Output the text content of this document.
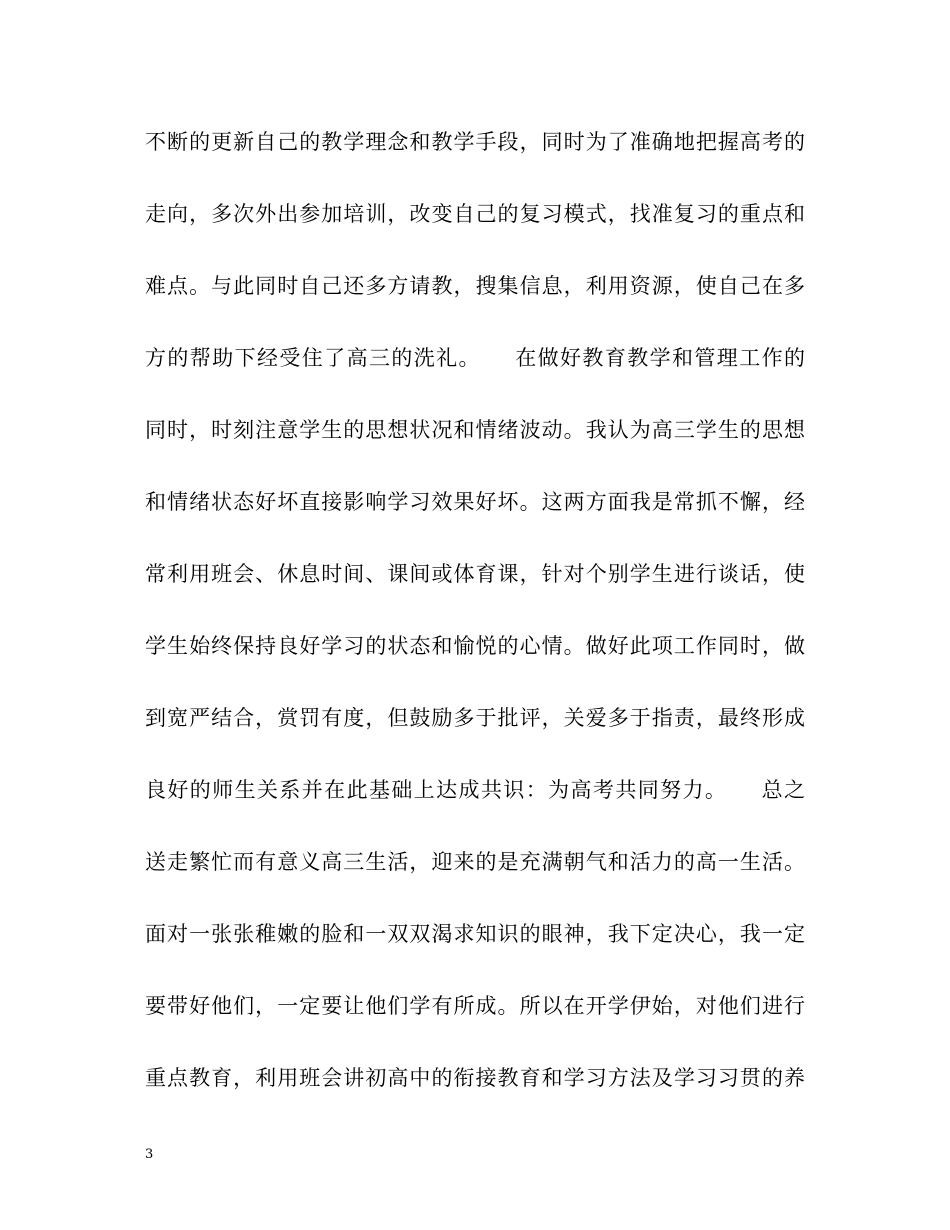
不断的更新自己的教学理念和教学手段，同时为了准确地把握高考的
走向，多次外出参加培训，改变自己的复习模式，找准复习的重点和
难点。与此同时自己还多方请教，搜集信息，利用资源，使自己在多
方的帮助下经受住了高三的洗礼。　　在做好教育教学和管理工作的
同时，时刻注意学生的思想状况和情绪波动。我认为高三学生的思想
和情绪状态好坏直接影响学习效果好坏。这两方面我是常抓不懈，经
常利用班会、休息时间、课间或体育课，针对个别学生进行谈话，使
学生始终保持良好学习的状态和愉悦的心情。做好此项工作同时，做
到宽严结合，赏罚有度，但鼓励多于批评，关爱多于指责，最终形成
良好的师生关系并在此基础上达成共识：为高考共同努力。　　总之
送走繁忙而有意义高三生活，迎来的是充满朝气和活力的高一生活。
面对一张张稚嫩的脸和一双双渴求知识的眼神，我下定决心，我一定
要带好他们，一定要让他们学有所成。所以在开学伊始，对他们进行
重点教育，利用班会讲初高中的衔接教育和学习方法及学习习贯的养
3
